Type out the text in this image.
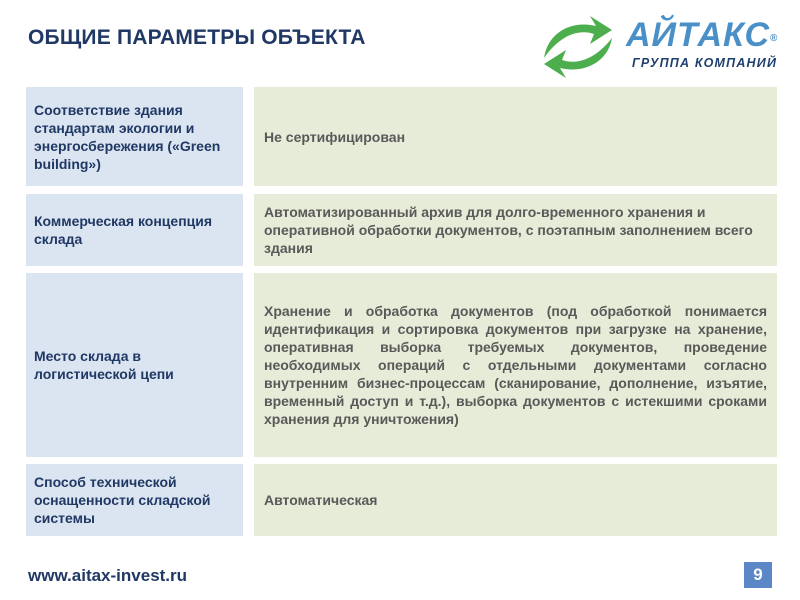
ОБЩИЕ ПАРАМЕТРЫ ОБЪЕКТА	АЙТАКС®
ГРУППА КОМПАНИЙ
Соответствие здания стандартам экологии и энергосбережения («Green building»)
Не сертифицирован
Коммерческая концепция склада
Автоматизированный архив для долго-временного хранения и оперативной обработки документов, с поэтапным заполнением всего здания
Место склада в логистической цепи
Хранение и обработка документов (под обработкой понимается идентификация и сортировка документов при загрузке на хранение, оперативная выборка требуемых документов, проведение необходимых операций с отдельными документами согласно внутренним бизнес-процессам (сканирование, дополнение, изъятие, временный доступ и т.д.), выборка документов с истекшими сроками хранения для уничтожения)
Способ технической оснащенности складской системы
Автоматическая
www.aitax-invest.ru	9
